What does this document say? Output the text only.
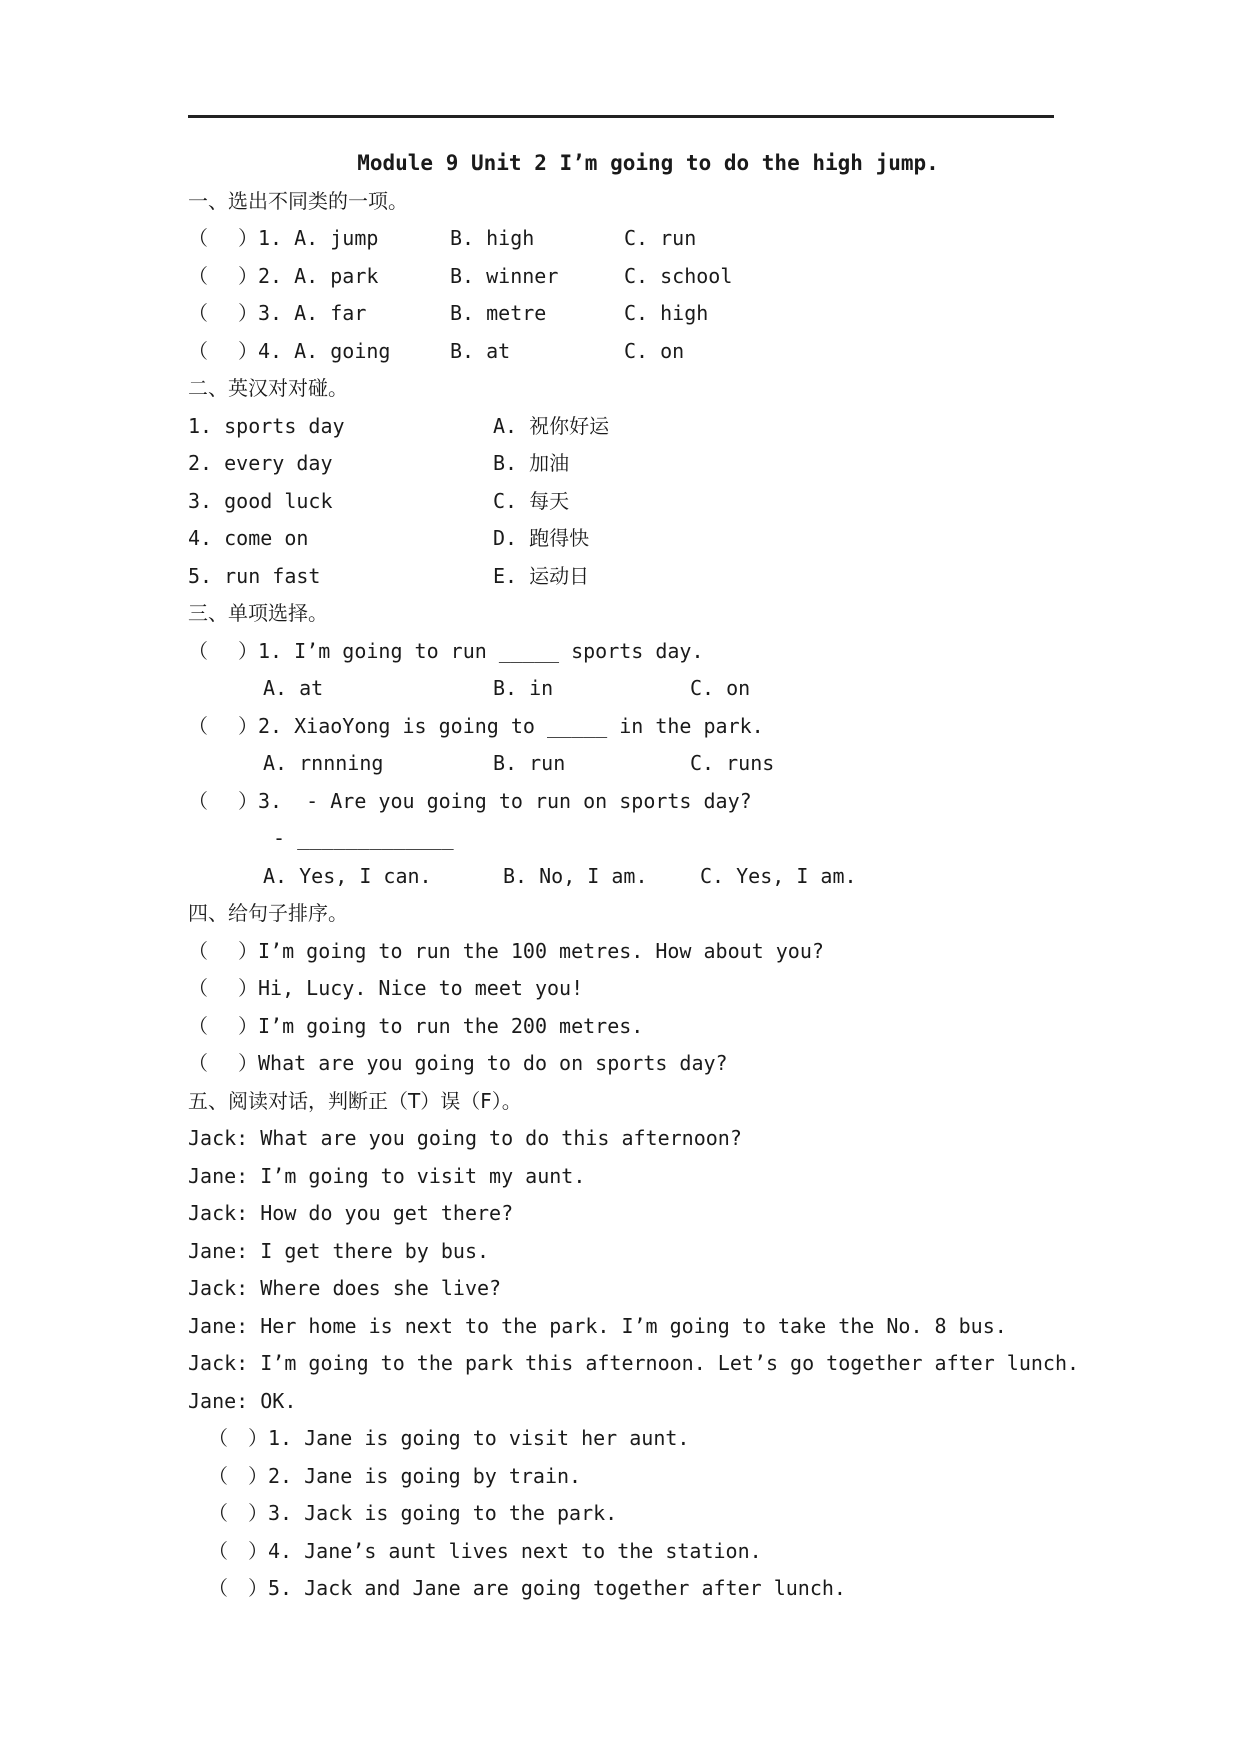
Module 9 Unit 2 I’m going to do the high jump.
一、选出不同类的一项。
（ ）1. A. jump	B. high	C. run
（ ）2. A. park	B. winner	C. school
（ ）3. A. far	B. metre	C. high
（ ）4. A. going	B. at	C. on
二、英汉对对碰。
1. sports day	A. 祝你好运
2. every day	B. 加油
3. good luck	C. 每天
4. come on	D. 跑得快
5. run fast	E. 运动日
三、单项选择。
（ ）1. I’m going to run _____ sports day.
A. at	B. in	C. on
（ ）2. XiaoYong is going to _____ in the park.
A. rnnning	B. run	C. runs
（ ）3.  - Are you going to run on sports day?
- _____________
A. Yes, I can.	B. No, I am.	C. Yes, I am.
四、给句子排序。
（ ）I’m going to run the 100 metres. How about you?
（ ）Hi, Lucy. Nice to meet you!
（ ）I’m going to run the 200 metres.
（ ）What are you going to do on sports day?
五、阅读对话，判断正（T）误（F）。
Jack: What are you going to do this afternoon?
Jane: I’m going to visit my aunt.
Jack: How do you get there?
Jane: I get there by bus.
Jack: Where does she live?
Jane: Her home is next to the park. I’m going to take the No. 8 bus.
Jack: I’m going to the park this afternoon. Let’s go together after lunch.
Jane: OK.
（ ）1. Jane is going to visit her aunt.
（ ）2. Jane is going by train.
（ ）3. Jack is going to the park.
（ ）4. Jane’s aunt lives next to the station.
（ ）5. Jack and Jane are going together after lunch.
